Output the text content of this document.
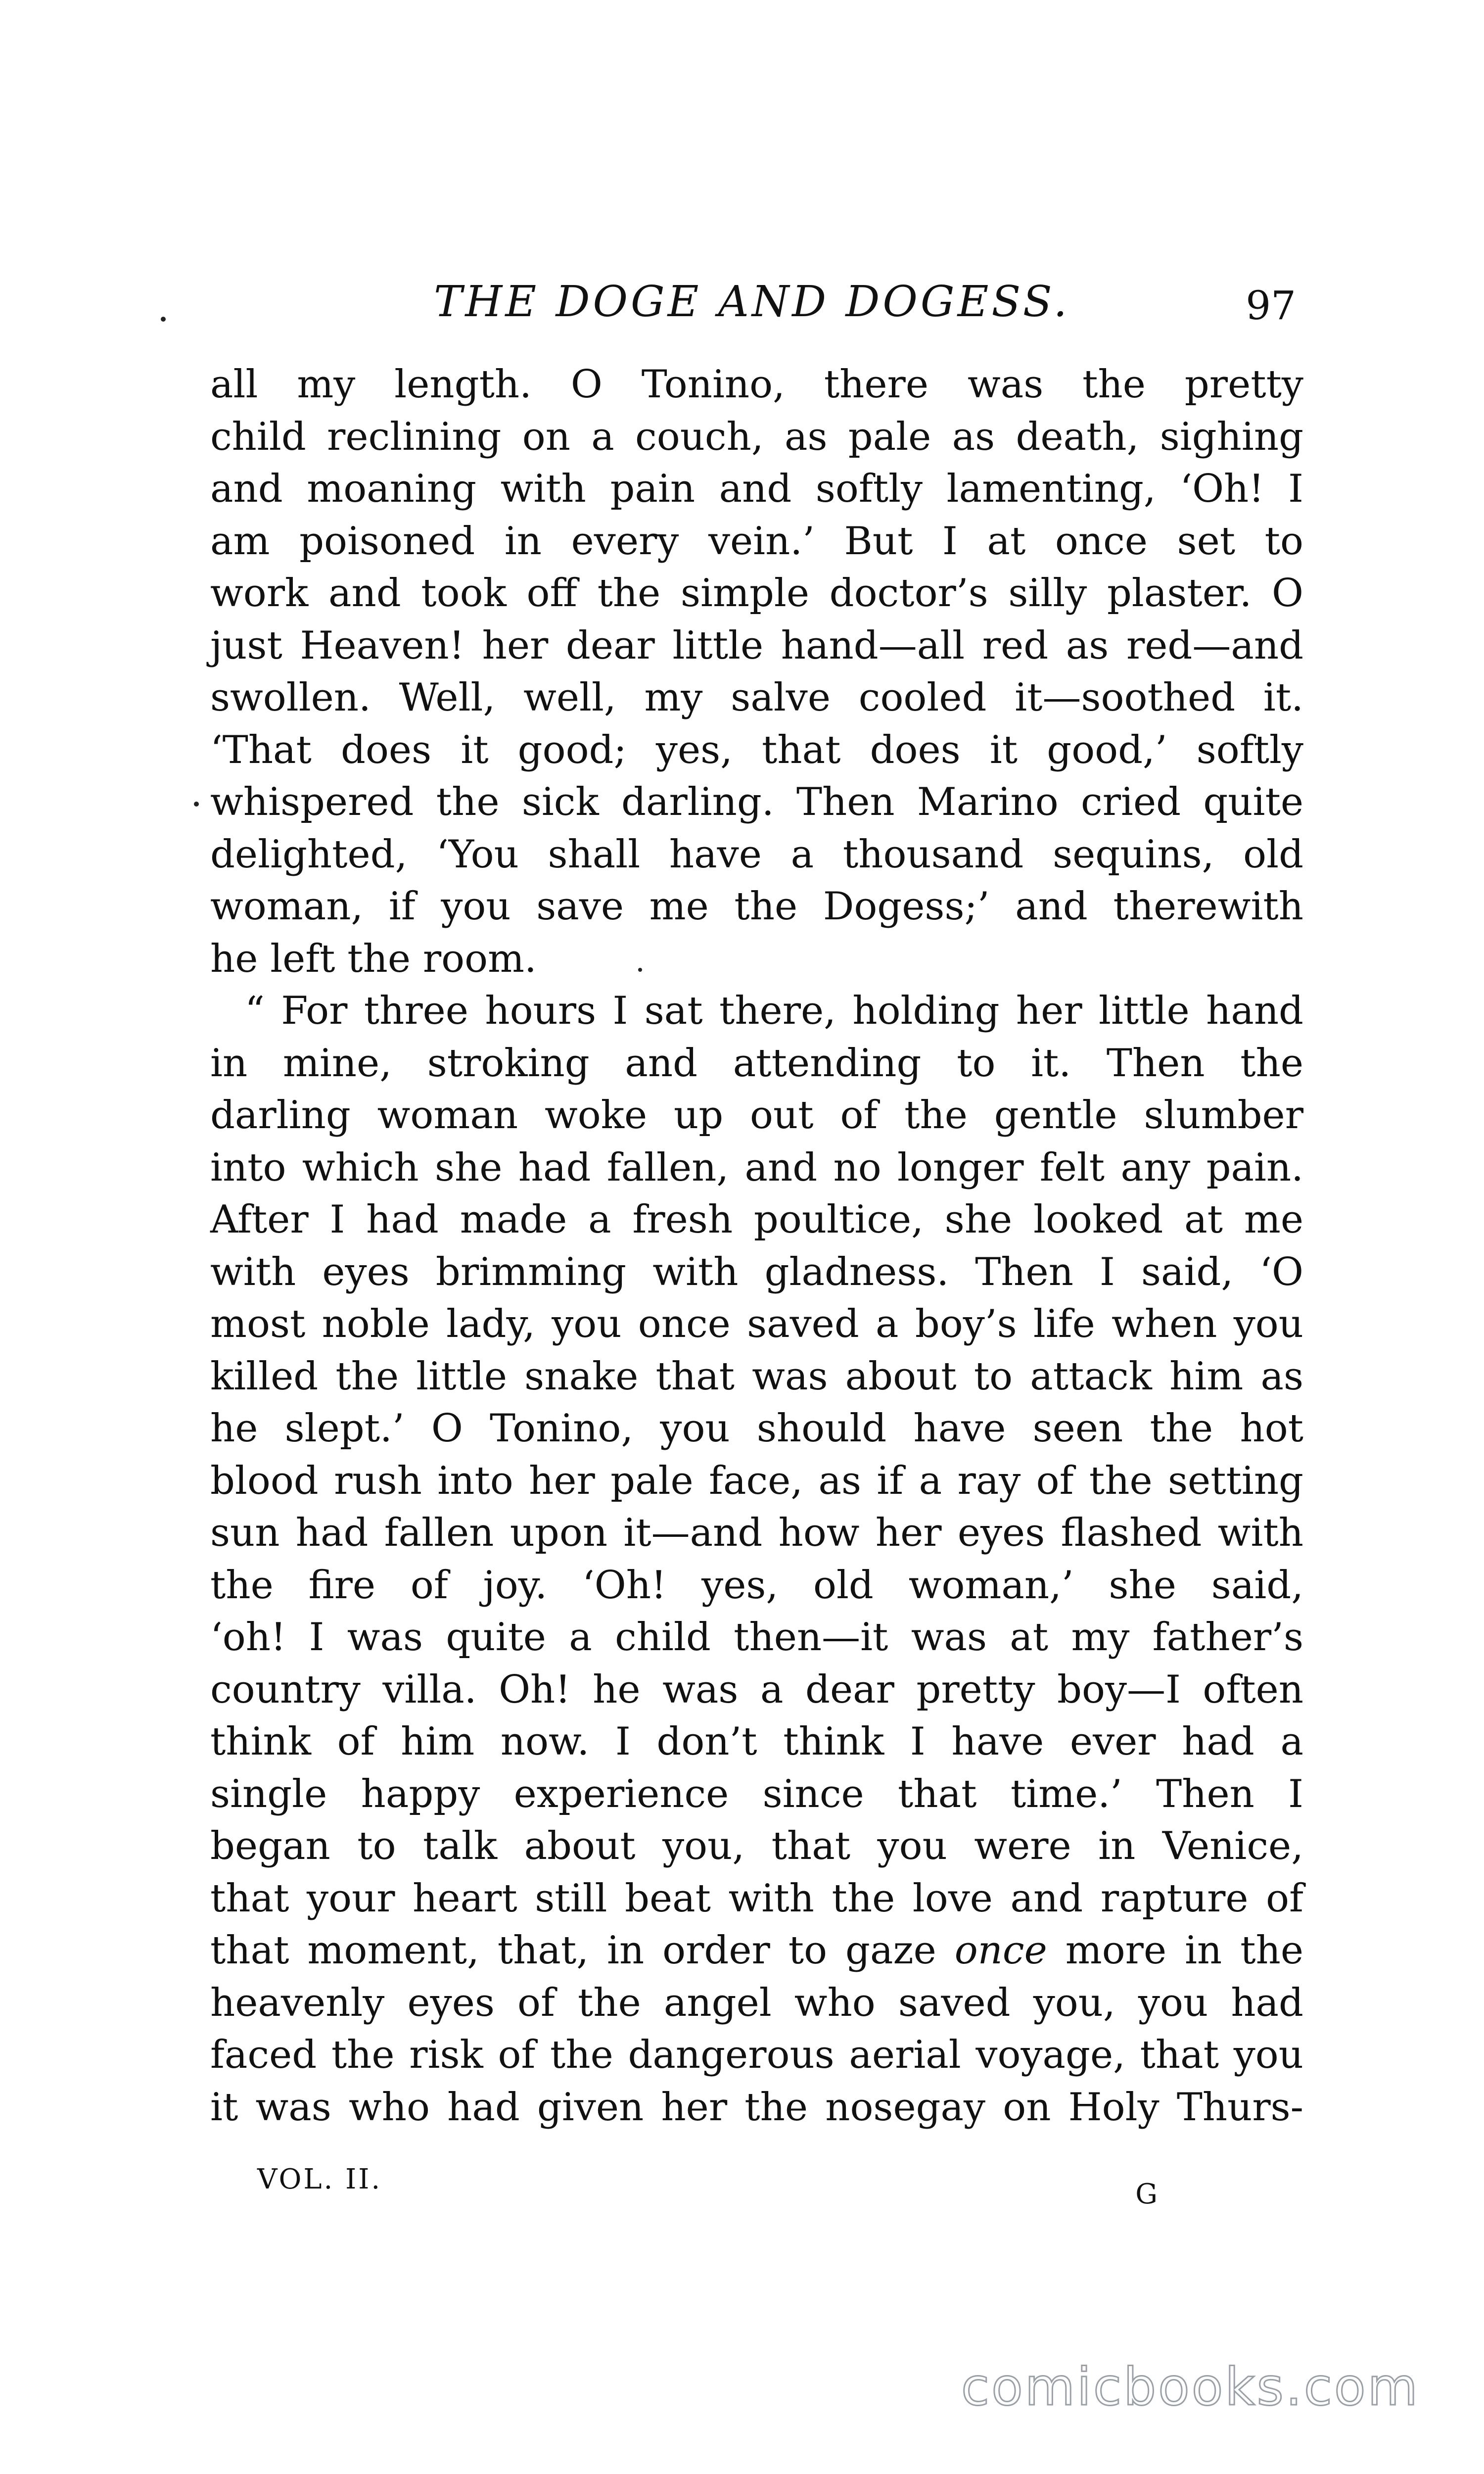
THE DOGE AND DOGESS.	97
all my length. O Tonino, there was the pretty
child reclining on a couch, as pale as death, sighing
and moaning with pain and softly lamenting, ‘Oh! I
am poisoned in every vein.’ But I at once set to
work and took off the simple doctor’s silly plaster. O
just Heaven! her dear little hand—all red as red—and
swollen. Well, well, my salve cooled it—soothed it.
‘That does it good; yes, that does it good,’ softly
whispered the sick darling. Then Marino cried quite
delighted, ‘You shall have a thousand sequins, old
woman, if you save me the Dogess;’ and therewith
he left the room.
“ For three hours I sat there, holding her little hand
in mine, stroking and attending to it. Then the
darling woman woke up out of the gentle slumber
into which she had fallen, and no longer felt any pain.
After I had made a fresh poultice, she looked at me
with eyes brimming with gladness. Then I said, ‘O
most noble lady, you once saved a boy’s life when you
killed the little snake that was about to attack him as
he slept.’ O Tonino, you should have seen the hot
blood rush into her pale face, as if a ray of the setting
sun had fallen upon it—and how her eyes flashed with
the fire of joy. ‘Oh! yes, old woman,’ she said,
‘oh! I was quite a child then—it was at my father’s
country villa. Oh! he was a dear pretty boy—I often
think of him now. I don’t think I have ever had a
single happy experience since that time.’ Then I
began to talk about you, that you were in Venice,
that your heart still beat with the love and rapture of
that moment, that, in order to gaze once more in the
heavenly eyes of the angel who saved you, you had
faced the risk of the dangerous aerial voyage, that you
it was who had given her the nosegay on Holy Thurs-
VOL. II.	G
comicbooks.com
